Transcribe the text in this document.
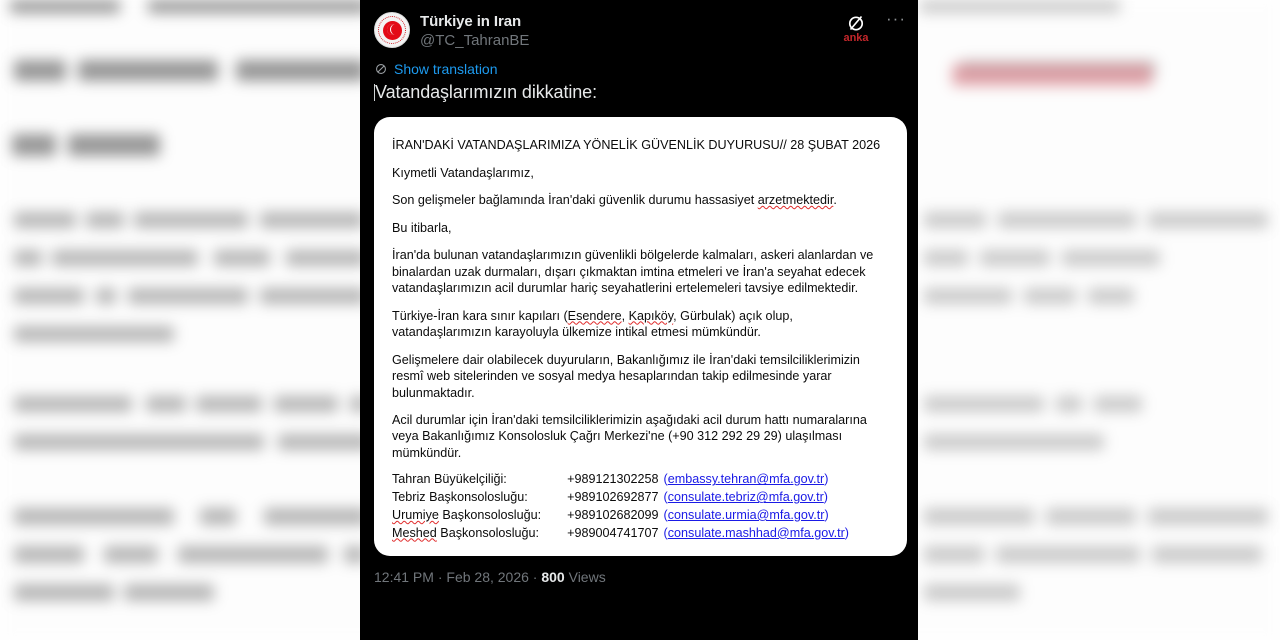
Türkiye in Iran
@TC_TahranBE	anka
···
Show translation
Vatandaşlarımızın dikkatine:

İRAN'DAKİ VATANDAŞLARIMIZA YÖNELİK GÜVENLİK DUYURUSU// 28 ŞUBAT 2026

Kıymetli Vatandaşlarımız,

Son gelişmeler bağlamında İran'daki güvenlik durumu hassasiyet arzetmektedir.

Bu itibarla,

İran'da bulunan vatandaşlarımızın güvenlikli bölgelerde kalmaları, askeri alanlardan ve binalardan uzak durmaları, dışarı çıkmaktan imtina etmeleri ve İran'a seyahat edecek vatandaşlarımızın acil durumlar hariç seyahatlerini ertelemeleri tavsiye edilmektedir.

Türkiye-İran kara sınır kapıları (Esendere, Kapıköy, Gürbulak) açık olup, vatandaşlarımızın karayoluyla ülkemize intikal etmesi mümkündür.

Gelişmelere dair olabilecek duyuruların, Bakanlığımız ile İran'daki temsilciliklerimizin resmî web sitelerinden ve sosyal medya hesaplarından takip edilmesinde yarar bulunmaktadır.

Acil durumlar için İran'daki temsilciliklerimizin aşağıdaki acil durum hattı numaralarına veya Bakanlığımız Konsolosluk Çağrı Merkezi'ne (+90 312 292 29 29) ulaşılması mümkündür.

Tahran Büyükelçiliği:	+989121302258	(embassy.tehran@mfa.gov.tr)
Tebriz Başkonsolosluğu:	+989102692877	(consulate.tebriz@mfa.gov.tr)
Urumiye Başkonsolosluğu:	+989102682099	(consulate.urmia@mfa.gov.tr)
Meshed Başkonsolosluğu:	+989004741707	(consulate.mashhad@mfa.gov.tr)
12:41 PM · Feb 28, 2026 · 800 Views
